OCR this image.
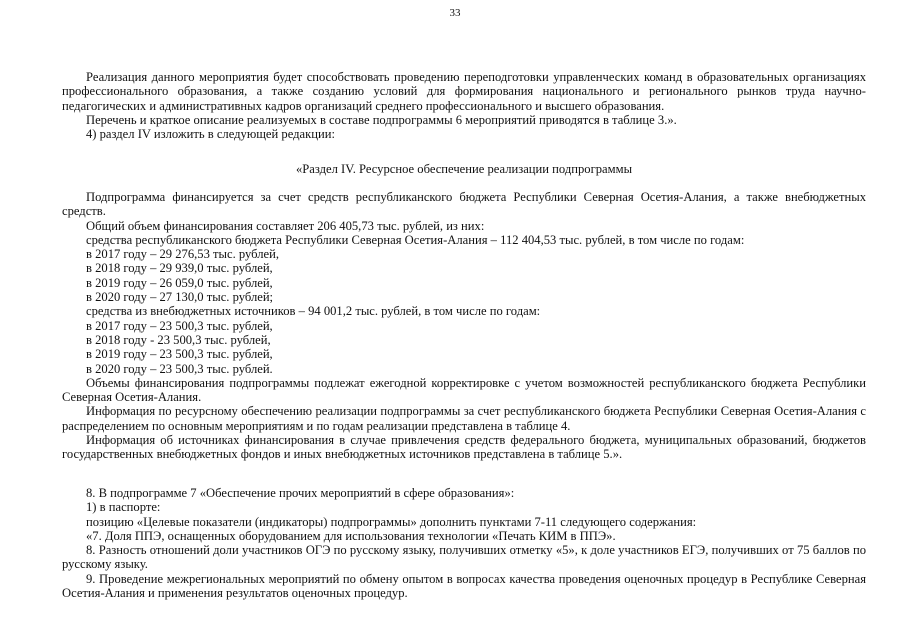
33

Реализация данного мероприятия будет способствовать проведению переподготовки управленческих команд в образовательных организациях профессионального образования, а также созданию условий для формирования национального и регионального рынков труда научно-педагогических и административных кадров организаций среднего профессионального и высшего образования.

Перечень и краткое описание реализуемых в составе подпрограммы 6 мероприятий приводятся в таблице 3.».

4) раздел IV изложить в следующей редакции:

«Раздел IV. Ресурсное обеспечение реализации подпрограммы

Подпрограмма финансируется за счет средств республиканского бюджета Республики Северная Осетия-Алания, а также внебюджетных средств.

Общий объем финансирования составляет 206 405,73 тыс. рублей, из них:

средства республиканского бюджета Республики Северная Осетия-Алания – 112 404,53 тыс. рублей, в том числе по годам:

в 2017 году – 29 276,53 тыс. рублей,

в 2018 году – 29 939,0 тыс. рублей,

в 2019 году – 26 059,0 тыс. рублей,

в 2020 году – 27 130,0 тыс. рублей;

средства из внебюджетных источников – 94 001,2 тыс. рублей, в том числе по годам:

в 2017 году – 23 500,3 тыс. рублей,

в 2018 году - 23 500,3 тыс. рублей,

в 2019 году – 23 500,3 тыс. рублей,

в 2020 году – 23 500,3 тыс. рублей.

Объемы финансирования подпрограммы подлежат ежегодной корректировке с учетом возможностей республиканского бюджета Республики Северная Осетия-Алания.

Информация по ресурсному обеспечению реализации подпрограммы за счет республиканского бюджета Республики Северная Осетия-Алания с распределением по основным мероприятиям и по годам реализации представлена в таблице 4.

Информация об источниках финансирования в случае привлечения средств федерального бюджета, муниципальных образований, бюджетов государственных внебюджетных фондов и иных внебюджетных источников представлена в таблице 5.».

8. В подпрограмме 7 «Обеспечение прочих мероприятий в сфере образования»:

1) в паспорте:

позицию «Целевые показатели (индикаторы) подпрограммы» дополнить пунктами 7-11 следующего содержания:

«7. Доля ППЭ, оснащенных оборудованием для использования технологии «Печать КИМ в ППЭ».

8. Разность отношений доли участников ОГЭ по русскому языку, получивших отметку «5», к доле участников ЕГЭ, получивших от 75 баллов по русскому языку.

9. Проведение межрегиональных мероприятий по обмену опытом в вопросах качества проведения оценочных процедур в Республике Северная Осетия-Алания и применения результатов оценочных процедур.
